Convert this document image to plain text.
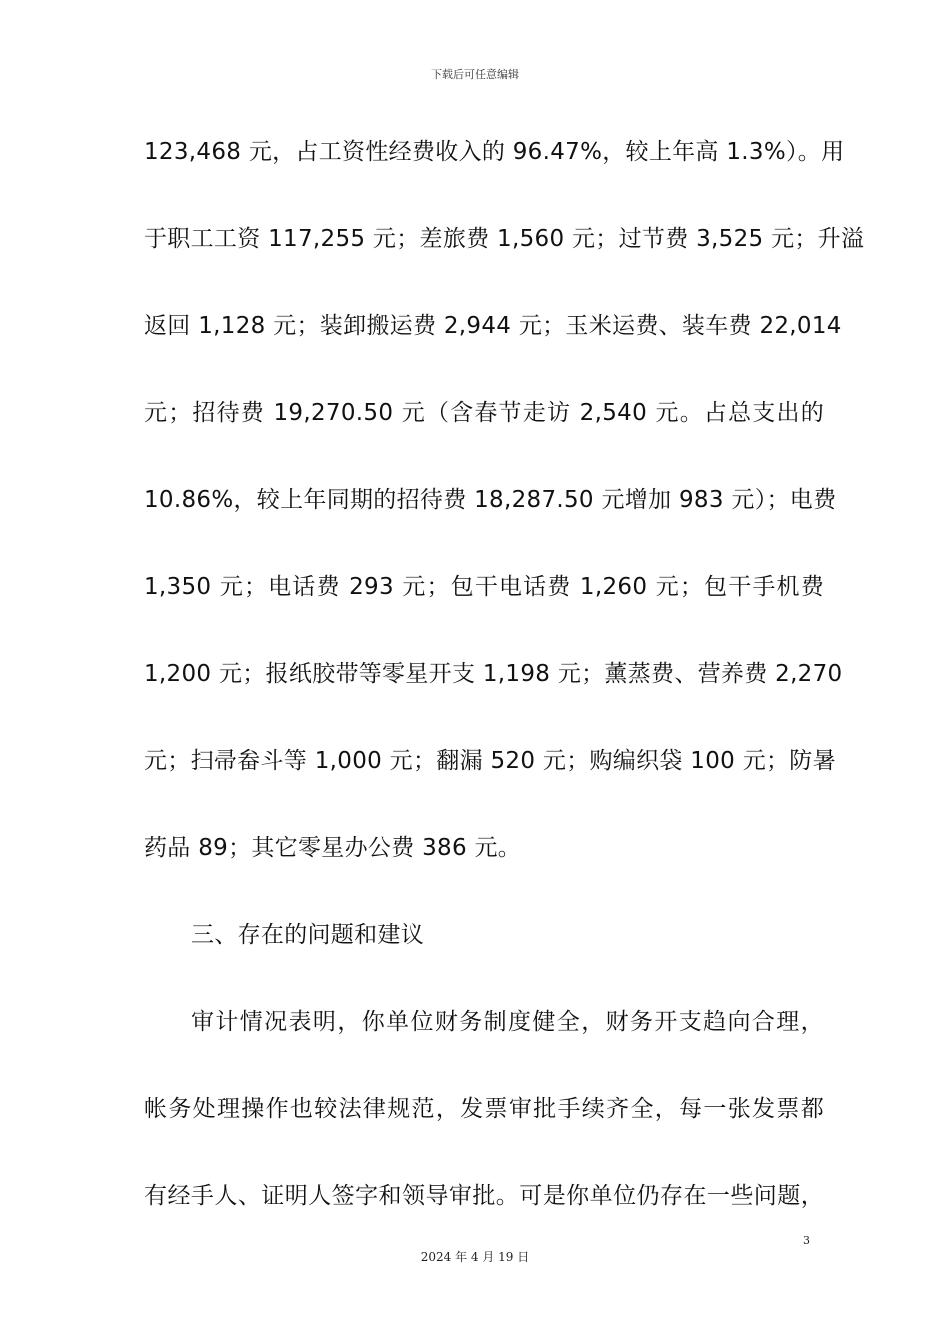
下载后可任意编辑
123,468 元，占工资性经费收入的 96.47%，较上年高 1.3%）。用
于职工工资 117,255 元；差旅费 1,560 元；过节费 3,525 元；升溢
返回 1,128 元；装卸搬运费 2,944 元；玉米运费、装车费 22,014
元；招待费 19,270.50 元（含春节走访 2,540 元。占总支出的
10.86%，较上年同期的招待费 18,287.50 元增加 983 元）；电费
1,350 元；电话费 293 元；包干电话费 1,260 元；包干手机费
1,200 元；报纸胶带等零星开支 1,198 元；薰蒸费、营养费 2,270
元；扫帚畚斗等 1,000 元；翻漏 520 元；购编织袋 100 元；防暑
药品 89；其它零星办公费 386 元。
三、存在的问题和建议
审计情况表明，你单位财务制度健全，财务开支趋向合理，
帐务处理操作也较法律规范，发票审批手续齐全，每一张发票都
有经手人、证明人签字和领导审批。可是你单位仍存在一些问题，
3
2024 年 4 月 19 日
